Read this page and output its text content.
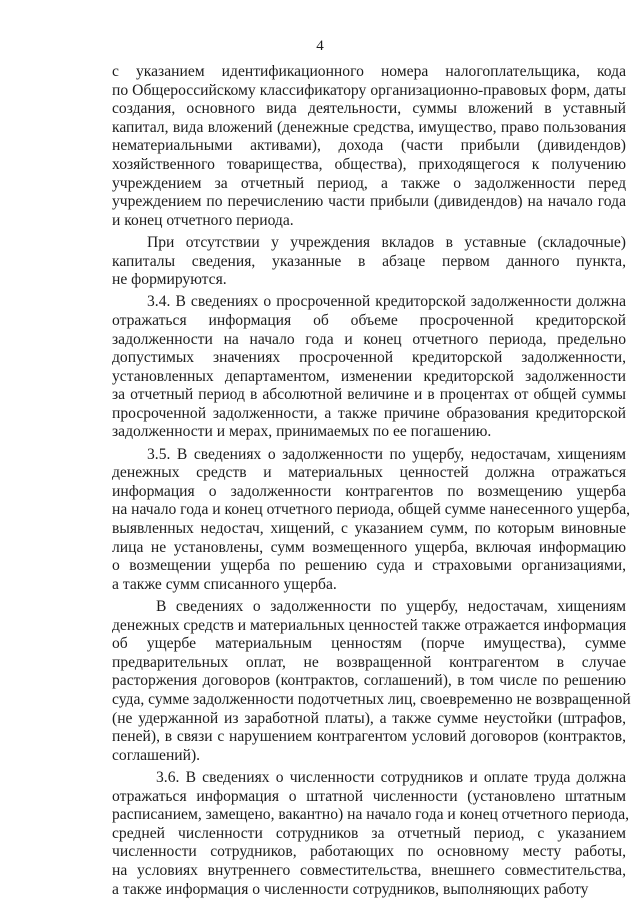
4
с указанием идентификационного номера налогоплательщика, кода
по Общероссийскому классификатору организационно-правовых форм, даты
создания, основного вида деятельности, суммы вложений в уставный
капитал, вида вложений (денежные средства, имущество, право пользования
нематериальными активами), дохода (части прибыли (дивидендов)
хозяйственного товарищества, общества), приходящегося к получению
учреждением за отчетный период, а также о задолженности перед
учреждением по перечислению части прибыли (дивидендов) на начало года
и конец отчетного периода.
При отсутствии у учреждения вкладов в уставные (складочные)
капиталы сведения, указанные в абзаце первом данного пункта,
не формируются.
3.4. В сведениях о просроченной кредиторской задолженности должна
отражаться информация об объеме просроченной кредиторской
задолженности на начало года и конец отчетного периода, предельно
допустимых значениях просроченной кредиторской задолженности,
установленных департаментом, изменении кредиторской задолженности
за отчетный период в абсолютной величине и в процентах от общей суммы
просроченной задолженности, а также причине образования кредиторской
задолженности и мерах, принимаемых по ее погашению.
3.5. В сведениях о задолженности по ущербу, недостачам, хищениям
денежных средств и материальных ценностей должна отражаться
информация о задолженности контрагентов по возмещению ущерба
на начало года и конец отчетного периода, общей сумме нанесенного ущерба,
выявленных недостач, хищений, с указанием сумм, по которым виновные
лица не установлены, сумм возмещенного ущерба, включая информацию
о возмещении ущерба по решению суда и страховыми организациями,
а также сумм списанного ущерба.
В сведениях о задолженности по ущербу, недостачам, хищениям
денежных средств и материальных ценностей также отражается информация
об ущербе материальным ценностям (порче имущества), сумме
предварительных оплат, не возвращенной контрагентом в случае
расторжения договоров (контрактов, соглашений), в том числе по решению
суда, сумме задолженности подотчетных лиц, своевременно не возвращенной
(не удержанной из заработной платы), а также сумме неустойки (штрафов,
пеней), в связи с нарушением контрагентом условий договоров (контрактов,
соглашений).
3.6. В сведениях о численности сотрудников и оплате труда должна
отражаться информация о штатной численности (установлено штатным
расписанием, замещено, вакантно) на начало года и конец отчетного периода,
средней численности сотрудников за отчетный период, с указанием
численности сотрудников, работающих по основному месту работы,
на условиях внутреннего совместительства, внешнего совместительства,
а также информация о численности сотрудников, выполняющих работу
